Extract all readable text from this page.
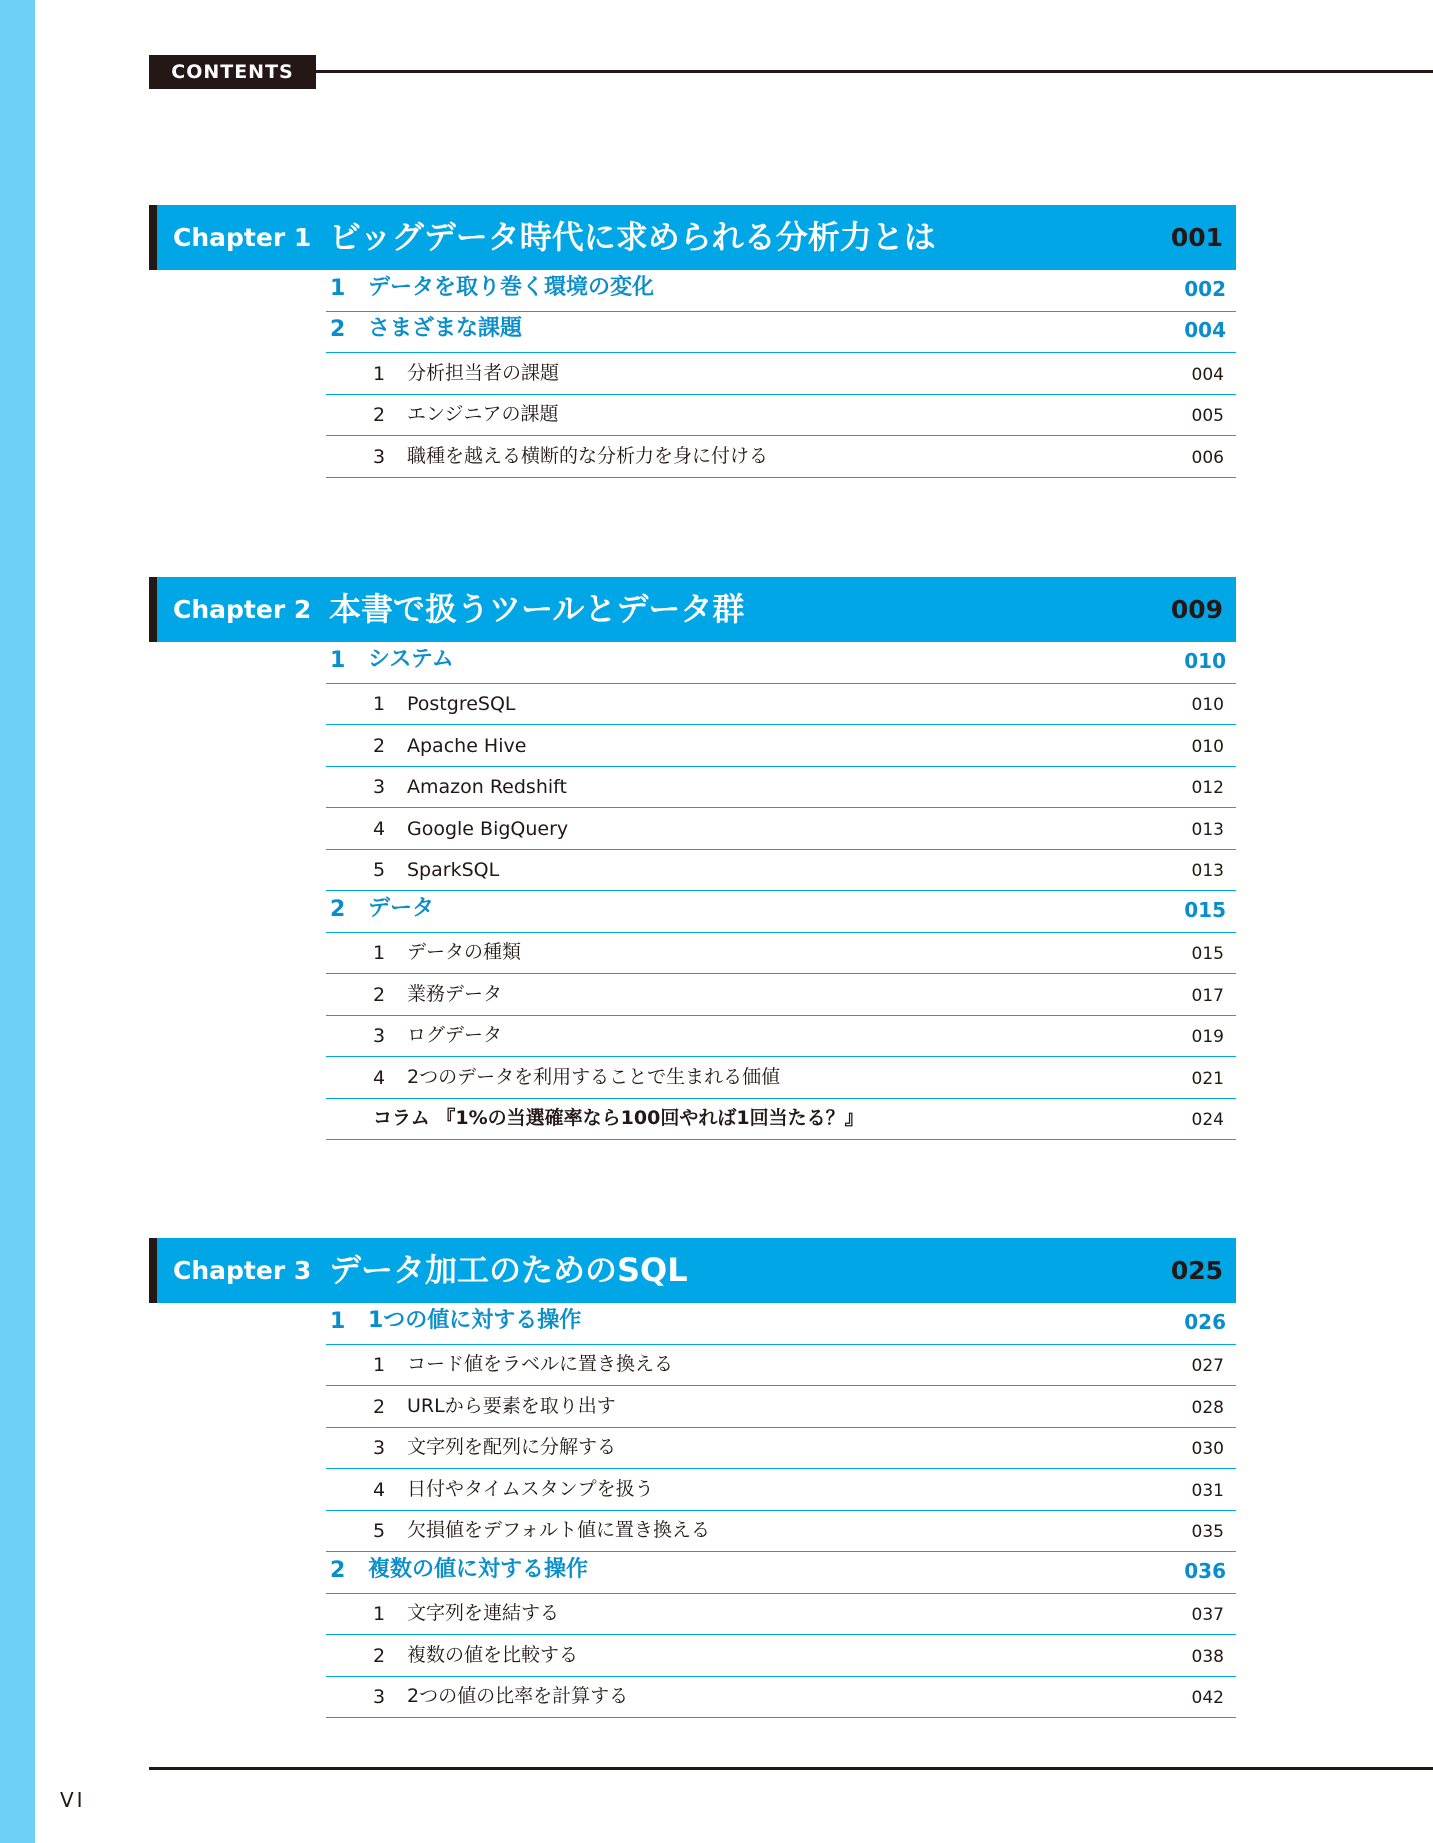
CONTENTS
Chapter 1 ビッグデータ時代に求められる分析力とは	001
1 データを取り巻く環境の変化	002
2 さまざまな課題	004
1 分析担当者の課題	004
2 エンジニアの課題	005
3 職種を越える横断的な分析力を身に付ける	006
Chapter 2 本書で扱うツールとデータ群	009
1 システム	010
1 PostgreSQL	010
2 Apache Hive	010
3 Amazon Redshift	012
4 Google BigQuery	013
5 SparkSQL	013
2 データ	015
1 データの種類	015
2 業務データ	017
3 ログデータ	019
4 2つのデータを利用することで生まれる価値	021
コラム 『1%の当選確率なら100回やれば1回当たる？』	024
Chapter 3 データ加工のためのSQL	025
1 1つの値に対する操作	026
1 コード値をラベルに置き換える	027
2 URLから要素を取り出す	028
3 文字列を配列に分解する	030
4 日付やタイムスタンプを扱う	031
5 欠損値をデフォルト値に置き換える	035
2 複数の値に対する操作	036
1 文字列を連結する	037
2 複数の値を比較する	038
3 2つの値の比率を計算する	042
VI
